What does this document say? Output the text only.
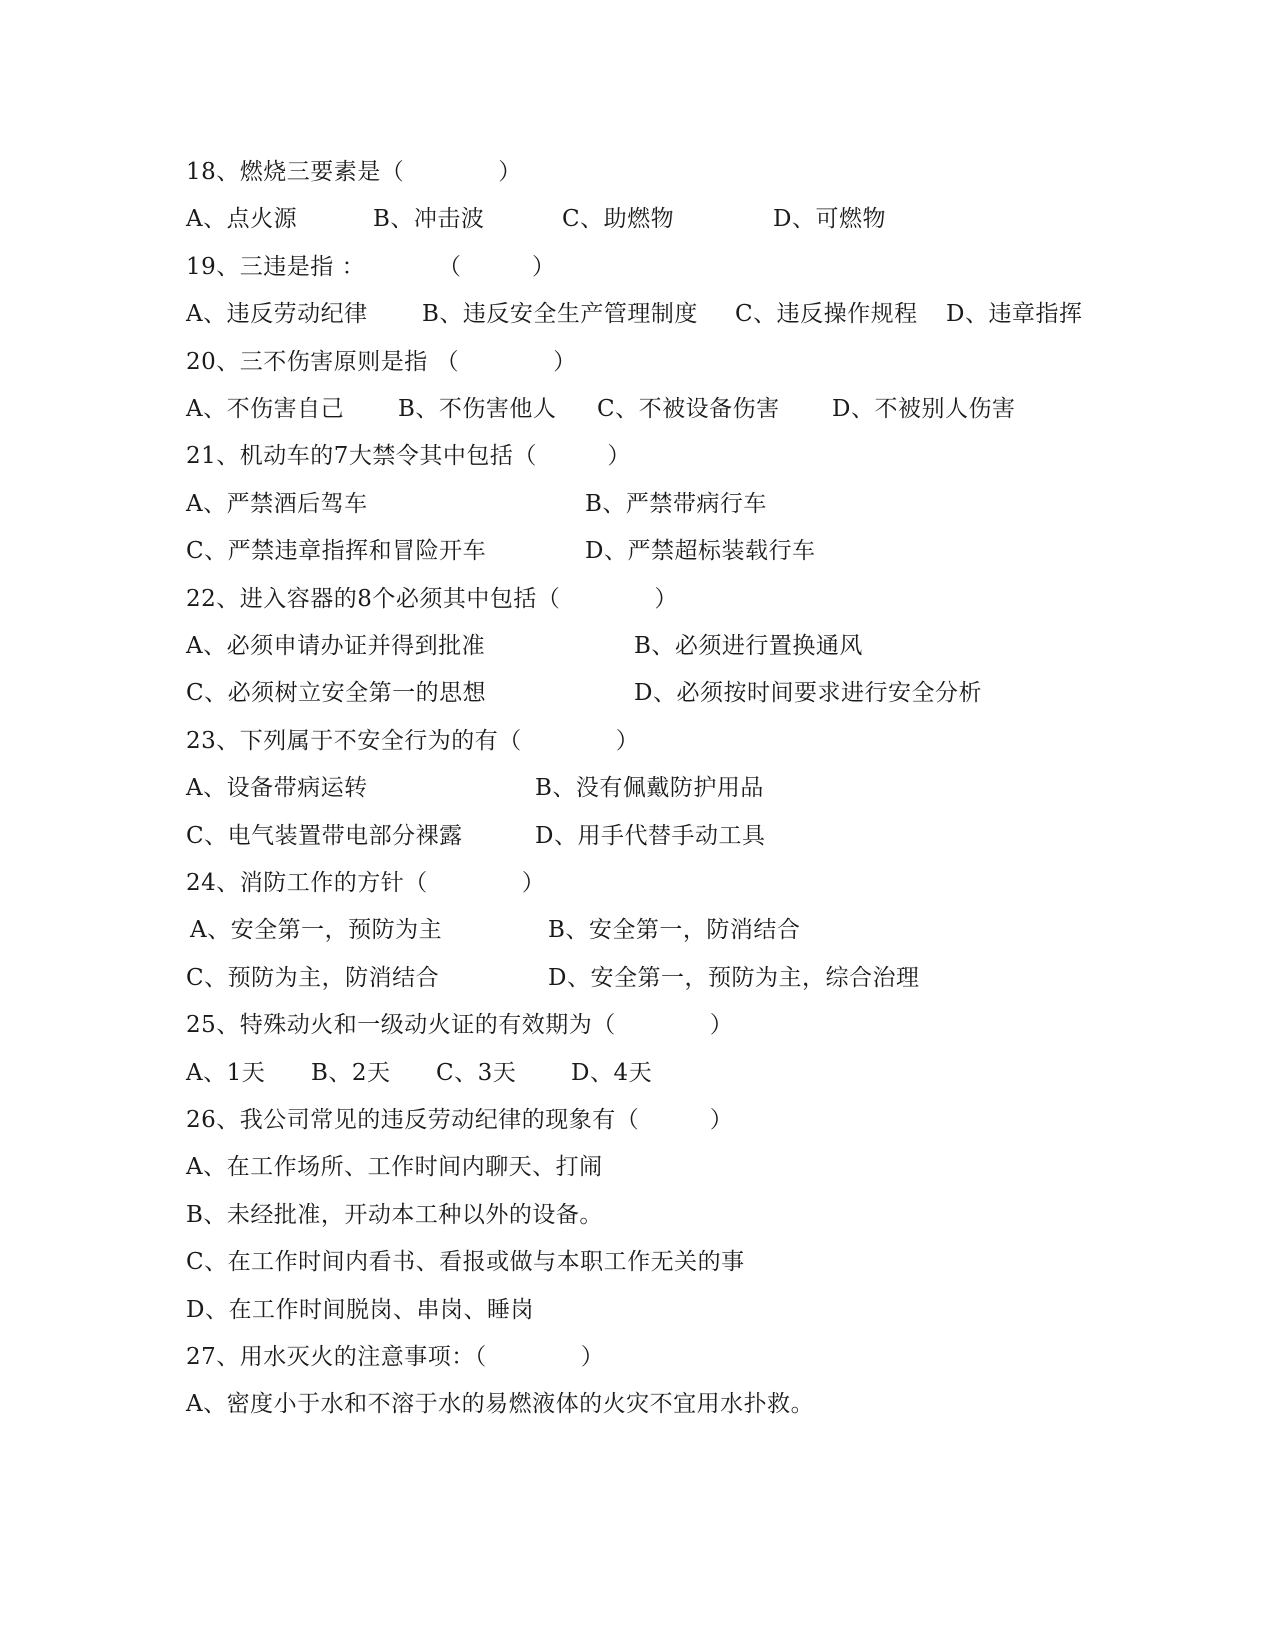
18、燃烧三要素是（　　　　）
A、点火源	B、冲击波	C、助燃物	D、可燃物
19、三违是指 ：	（　　　）
A、违反劳动纪律 B、违反安全生产管理制度 C、违反操作规程 D、违章指挥
20、三不伤害原则是指 （　　　　）
A、不伤害自己 B、不伤害他人 C、不被设备伤害 D、不被别人伤害
21、机动车的7大禁令其中包括（　　　）
A、严禁酒后驾车	B、严禁带病行车
C、严禁违章指挥和冒险开车	D、严禁超标装载行车
22、进入容器的8个必须其中包括（　　　　）
A、必须申请办证并得到批准	B、必须进行置换通风
C、必须树立安全第一的思想	D、必须按时间要求进行安全分析
23、下列属于不安全行为的有（　　　　）
A、设备带病运转	B、没有佩戴防护用品
C、电气装置带电部分裸露	D、用手代替手动工具
24、消防工作的方针（　　　　）
A、安全第一，预防为主	B、安全第一，防消结合
C、预防为主，防消结合	D、安全第一，预防为主，综合治理
25、特殊动火和一级动火证的有效期为（　　　　）
A、1天 B、2天 C、3天 D、4天
26、我公司常见的违反劳动纪律的现象有（　　　）
A、在工作场所、工作时间内聊天、打闹
B、未经批准，开动本工种以外的设备。
C、在工作时间内看书、看报或做与本职工作无关的事
D、在工作时间脱岗、串岗、睡岗
27、用水灭火的注意事项：（　　　　）
A、密度小于水和不溶于水的易燃液体的火灾不宜用水扑救。
